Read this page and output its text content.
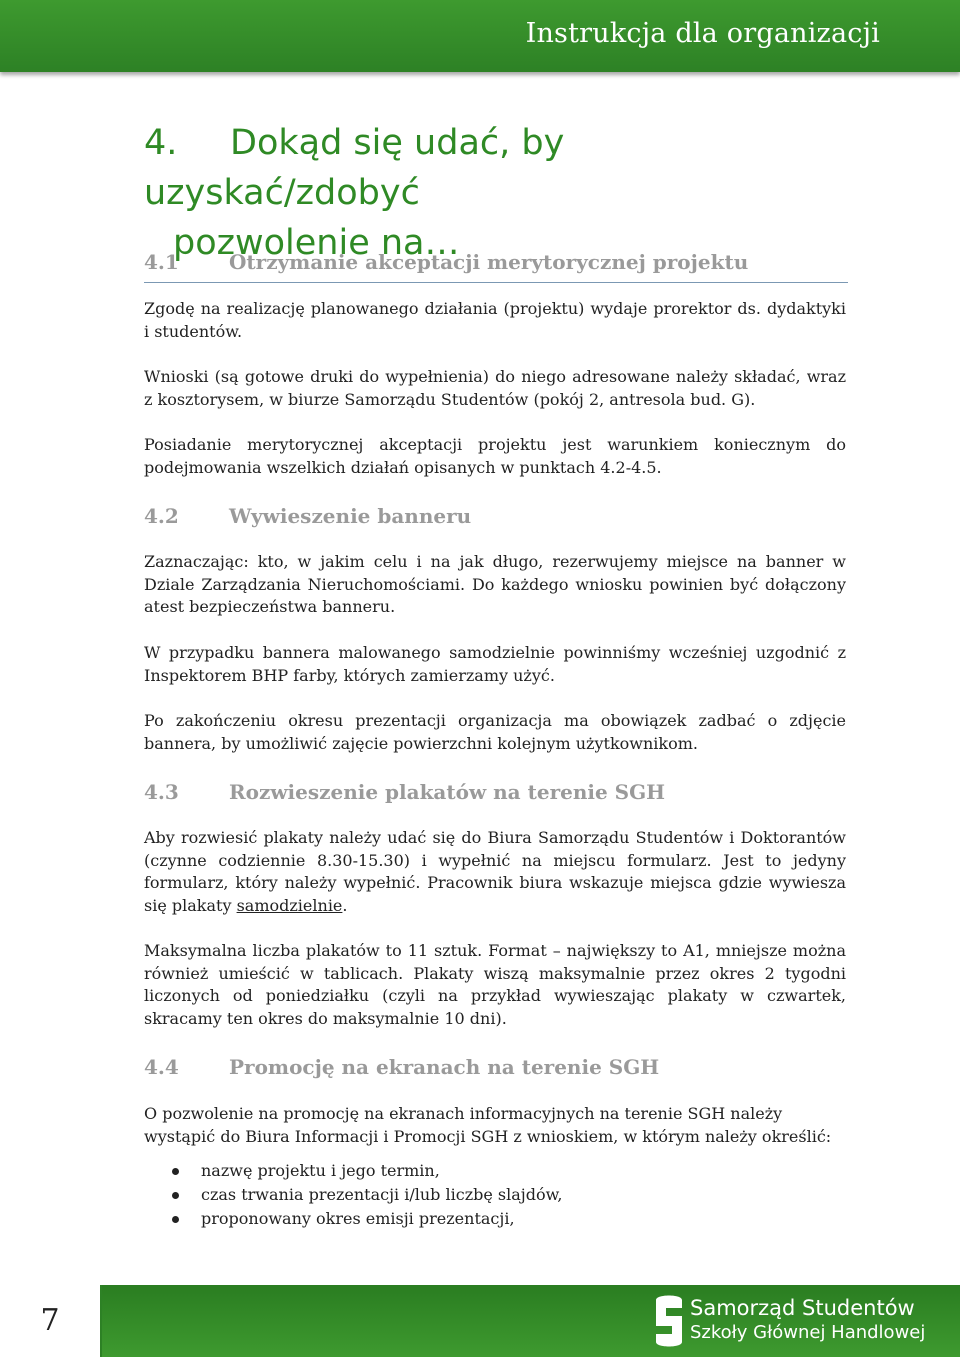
Instrukcja dla organizacji
4. Dokąd się udać, by uzyskać/zdobyć
pozwolenie na…
4.1	Otrzymanie akceptacji merytorycznej projektu
Zgodę na realizację planowanego działania (projektu) wydaje prorektor ds. dydaktyki i studentów.
Wnioski (są gotowe druki do wypełnienia) do niego adresowane należy składać, wraz z kosztorysem, w biurze Samorządu Studentów (pokój 2, antresola bud. G).
Posiadanie merytorycznej akceptacji projektu jest warunkiem koniecznym do podejmowania wszelkich działań opisanych w punktach 4.2-4.5.
4.2	Wywieszenie banneru
Zaznaczając: kto, w jakim celu i na jak długo, rezerwujemy miejsce na banner w Dziale Zarządzania Nieruchomościami. Do każdego wniosku powinien być dołączony atest bezpieczeństwa banneru.
W przypadku bannera malowanego samodzielnie powinniśmy wcześniej uzgodnić z Inspektorem BHP farby, których zamierzamy użyć.
Po zakończeniu okresu prezentacji organizacja ma obowiązek zadbać o zdjęcie bannera, by umożliwić zajęcie powierzchni kolejnym użytkownikom.
4.3	Rozwieszenie plakatów na terenie SGH
Aby rozwiesić plakaty należy udać się do Biura Samorządu Studentów i Doktorantów (czynne codziennie 8.30-15.30) i wypełnić na miejscu formularz. Jest to jedyny formularz, który należy wypełnić. Pracownik biura wskazuje miejsca gdzie wywiesza się plakaty samodzielnie.
Maksymalna liczba plakatów to 11 sztuk. Format – największy to A1, mniejsze można również umieścić w tablicach. Plakaty wiszą maksymalnie przez okres 2 tygodni liczonych od poniedziałku (czyli na przykład wywieszając plakaty w czwartek, skracamy ten okres do maksymalnie 10 dni).
4.4	Promocję na ekranach na terenie SGH
O pozwolenie na promocję na ekranach informacyjnych na terenie SGH należy wystąpić do Biura Informacji i Promocji SGH z wnioskiem, w którym należy określić:
nazwę projektu i jego termin,
czas trwania prezentacji i/lub liczbę slajdów,
proponowany okres emisji prezentacji,
7	Samorząd Studentów
Szkoły Głównej Handlowej
